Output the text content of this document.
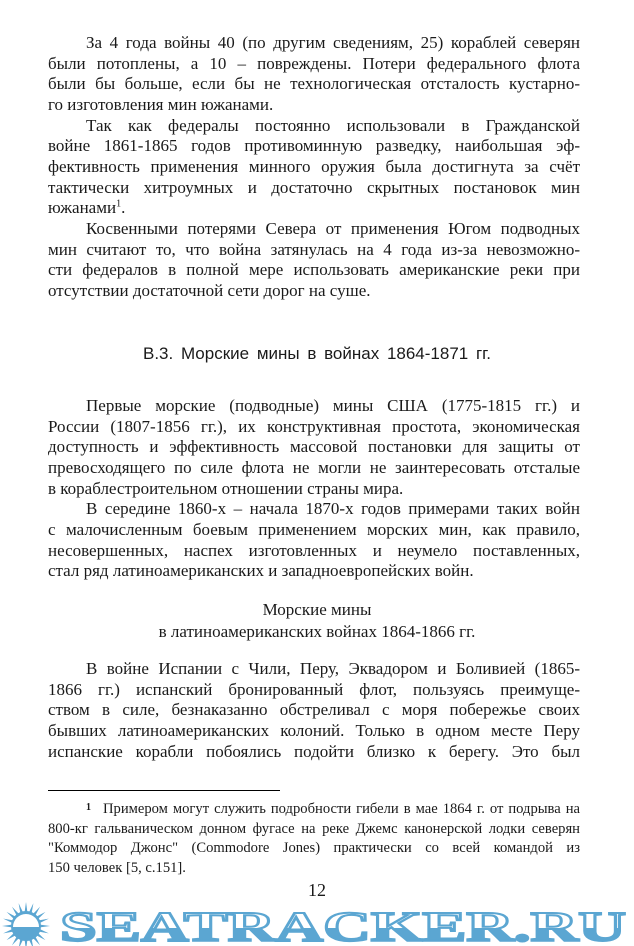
За 4 года войны 40 (по другим сведениям, 25) кораблей северян
были потоплены, а 10 – повреждены. Потери федерального флота
были бы больше, если бы не технологическая отсталость кустарно-
го изготовления мин южанами.
Так как федералы постоянно использовали в Гражданской
войне 1861-1865 годов противоминную разведку, наибольшая эф-
фективность применения минного оружия была достигнута за счёт
тактически хитроумных и достаточно скрытных постановок мин
южанами$^1$.
Косвенными потерями Севера от применения Югом подводных
мин считают то, что война затянулась на 4 года из-за невозможно-
сти федералов в полной мере использовать американские реки при
отсутствии достаточной сети дорог на суше.
В.3. Морские мины в войнах 1864-1871 гг.
Первые морские (подводные) мины США (1775-1815 гг.) и
России (1807-1856 гг.), их конструктивная простота, экономическая
доступность и эффективность массовой постановки для защиты от
превосходящего по силе флота не могли не заинтересовать отсталые
в кораблестроительном отношении страны мира.
В середине 1860-х – начала 1870-х годов примерами таких войн
с малочисленным боевым применением морских мин, как правило,
несовершенных, наспех изготовленных и неумело поставленных,
стал ряд латиноамериканских и западноевропейских войн.
Морские мины
в латиноамериканских войнах 1864-1866 гг.
В войне Испании с Чили, Перу, Эквадором и Боливией (1865-
1866 гг.) испанский бронированный флот, пользуясь преимуще-
ством в силе, безнаказанно обстреливал с моря побережье своих
бывших латиноамериканских колоний. Только в одном месте Перу
испанские корабли побоялись подойти близко к берегу. Это был
$^1$ Примером могут служить подробности гибели в мае 1864 г. от подрыва на
800-кг гальваническом донном фугасе на реке Джемс канонерской лодки северян
"Коммодор Джонс" (Commodore Jones) практически со всей командой из
150 человек [5, с.151].
12
SEATRACKER.RU
